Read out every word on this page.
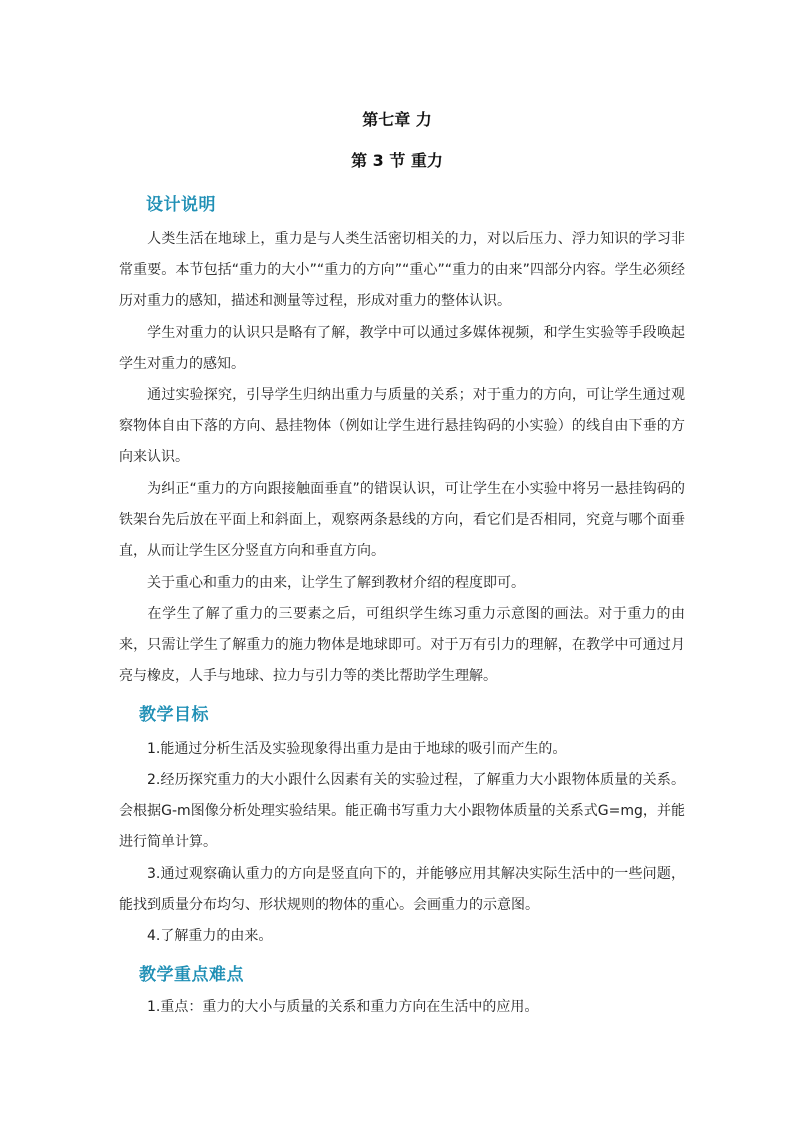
第七章 力
第 3 节 重力
设计说明

人类生活在地球上，重力是与人类生活密切相关的力，对以后压力、浮力知识的学习非常重要。本节包括“重力的大小”“重力的方向”“重心”“重力的由来”四部分内容。学生必须经历对重力的感知，描述和测量等过程，形成对重力的整体认识。

学生对重力的认识只是略有了解，教学中可以通过多媒体视频，和学生实验等手段唤起学生对重力的感知。

通过实验探究，引导学生归纳出重力与质量的关系；对于重力的方向，可让学生通过观察物体自由下落的方向、悬挂物体（例如让学生进行悬挂钩码的小实验）的线自由下垂的方向来认识。

为纠正“重力的方向跟接触面垂直”的错误认识，可让学生在小实验中将另一悬挂钩码的铁架台先后放在平面上和斜面上，观察两条悬线的方向，看它们是否相同，究竟与哪个面垂直，从而让学生区分竖直方向和垂直方向。

关于重心和重力的由来，让学生了解到教材介绍的程度即可。

在学生了解了重力的三要素之后，可组织学生练习重力示意图的画法。对于重力的由来，只需让学生了解重力的施力物体是地球即可。对于万有引力的理解，在教学中可通过月亮与橡皮，人手与地球、拉力与引力等的类比帮助学生理解。

教学目标

1.能通过分析生活及实验现象得出重力是由于地球的吸引而产生的。

2.经历探究重力的大小跟什么因素有关的实验过程，了解重力大小跟物体质量的关系。会根据G-m图像分析处理实验结果。能正确书写重力大小跟物体质量的关系式G=mg，并能进行简单计算。

3.通过观察确认重力的方向是竖直向下的，并能够应用其解决实际生活中的一些问题，能找到质量分布均匀、形状规则的物体的重心。会画重力的示意图。

4.了解重力的由来。

教学重点难点

1.重点：重力的大小与质量的关系和重力方向在生活中的应用。
